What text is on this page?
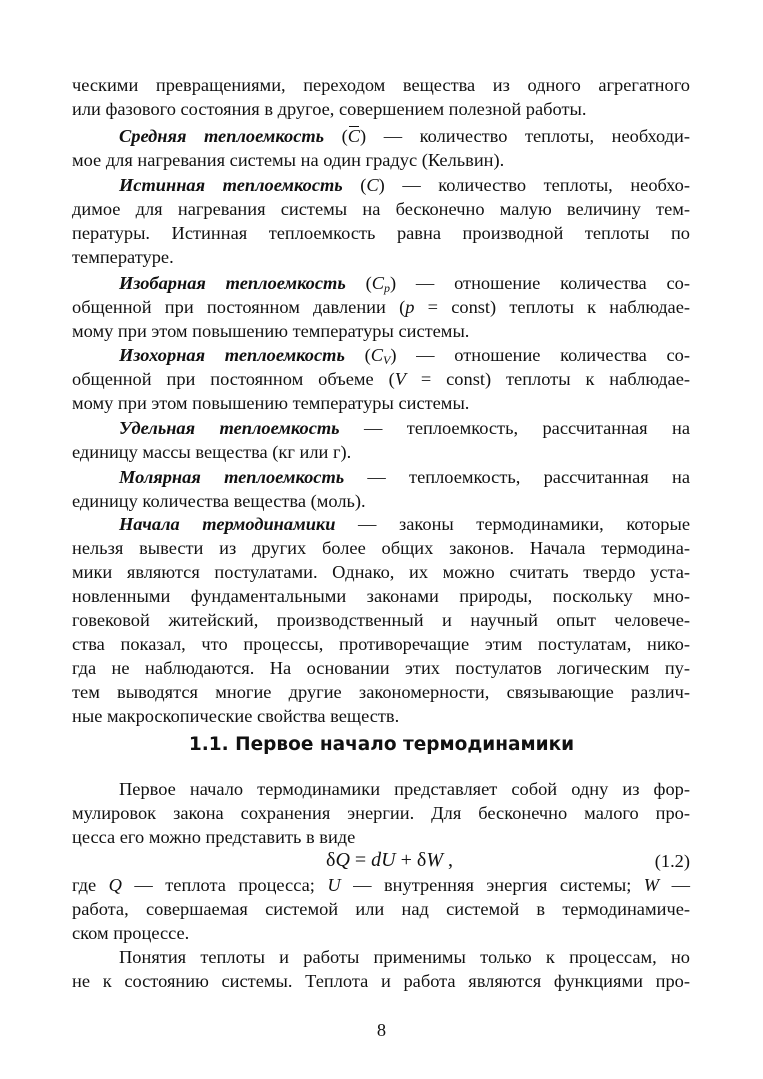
ческими превращениями, переходом вещества из одного агрегатного
или фазового состояния в другое, совершением полезной работы.
Средняя теплоемкость (C) — количество теплоты, необходи-
мое для нагревания системы на один градус (Кельвин).
Истинная теплоемкость (C) — количество теплоты, необхо-
димое для нагревания системы на бесконечно малую величину тем-
пературы. Истинная теплоемкость равна производной теплоты по
температуре.
Изобарная теплоемкость $(C_p)$ — отношение количества со-
общенной при постоянном давлении (p = const) теплоты к наблюдае-
мому при этом повышению температуры системы.
Изохорная теплоемкость $(C_V)$ — отношение количества со-
общенной при постоянном объеме (V = const) теплоты к наблюдае-
мому при этом повышению температуры системы.
Удельная теплоемкость — теплоемкость, рассчитанная на
единицу массы вещества (кг или г).
Молярная теплоемкость — теплоемкость, рассчитанная на
единицу количества вещества (моль).
Начала термодинамики — законы термодинамики, которые
нельзя вывести из других более общих законов. Начала термодина-
мики являются постулатами. Однако, их можно считать твердо уста-
новленными фундаментальными законами природы, поскольку мно-
говековой житейский, производственный и научный опыт человече-
ства показал, что процессы, противоречащие этим постулатам, нико-
гда не наблюдаются. На основании этих постулатов логическим пу-
тем выводятся многие другие закономерности, связывающие различ-
ные макроскопические свойства веществ.
1.1. Первое начало термодинамики
Первое начало термодинамики представляет собой одну из фор-
мулировок закона сохранения энергии. Для бесконечно малого про-
цесса его можно представить в виде
δQ = dU + δW ,	(1.2)
где Q — теплота процесса; U — внутренняя энергия системы; W —
работа, совершаемая системой или над системой в термодинамиче-
ском процессе.
Понятия теплоты и работы применимы только к процессам, но
не к состоянию системы. Теплота и работа являются функциями про-
8
